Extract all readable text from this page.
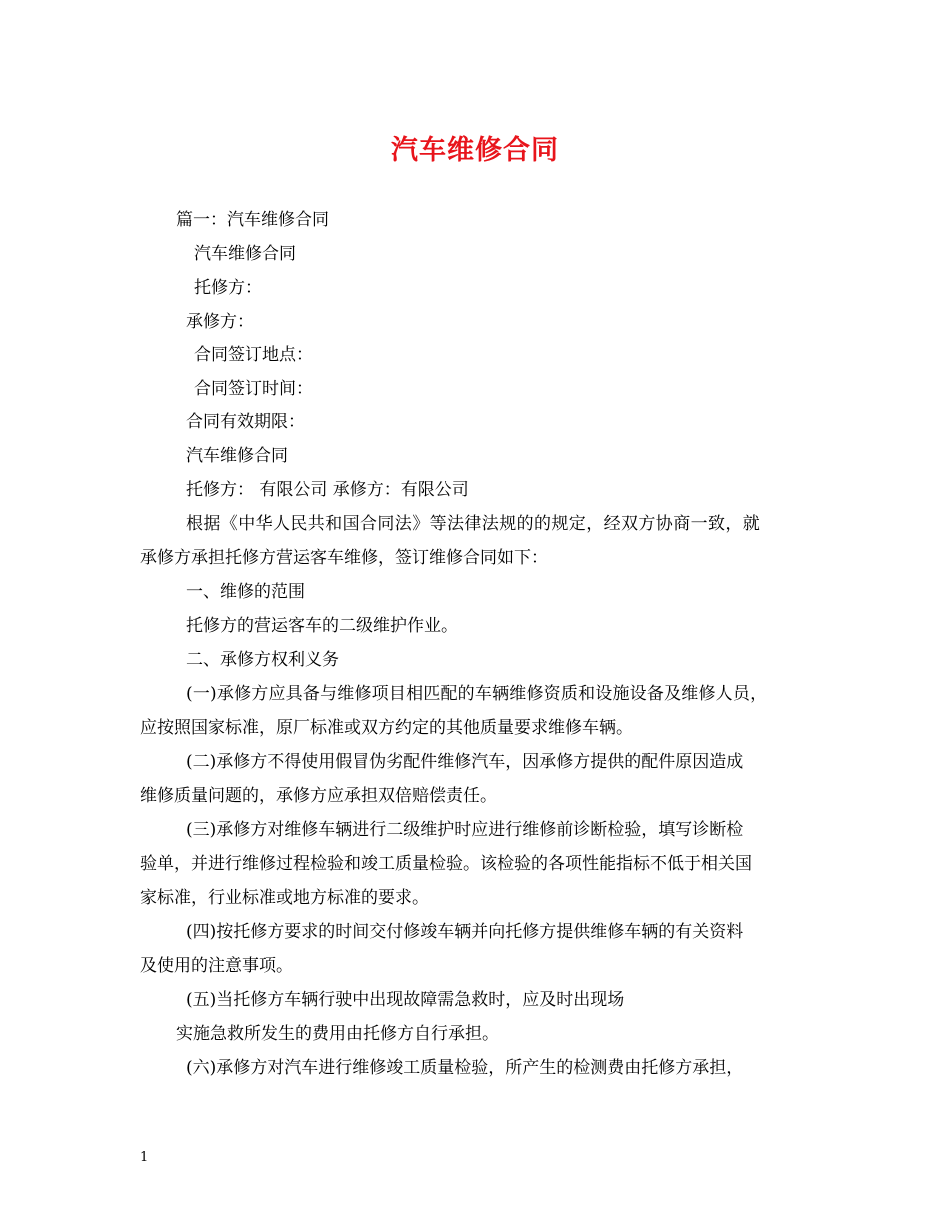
汽车维修合同
篇一：汽车维修合同
汽车维修合同
托修方：
承修方：
合同签订地点：
合同签订时间：
合同有效期限：
汽车维修合同
托修方： 有限公司 承修方：有限公司
根据《中华人民共和国合同法》等法律法规的的规定，经双方协商一致，就
承修方承担托修方营运客车维修，签订维修合同如下：
一、维修的范围
托修方的营运客车的二级维护作业。
二、承修方权利义务
(一)承修方应具备与维修项目相匹配的车辆维修资质和设施设备及维修人员，
应按照国家标准，原厂标准或双方约定的其他质量要求维修车辆。
(二)承修方不得使用假冒伪劣配件维修汽车，因承修方提供的配件原因造成
维修质量问题的，承修方应承担双倍赔偿责任。
(三)承修方对维修车辆进行二级维护时应进行维修前诊断检验，填写诊断检
验单，并进行维修过程检验和竣工质量检验。该检验的各项性能指标不低于相关国
家标准，行业标准或地方标准的要求。
(四)按托修方要求的时间交付修竣车辆并向托修方提供维修车辆的有关资料
及使用的注意事项。
(五)当托修方车辆行驶中出现故障需急救时，应及时出现场
实施急救所发生的费用由托修方自行承担。
(六)承修方对汽车进行维修竣工质量检验，所产生的检测费由托修方承担，
1
